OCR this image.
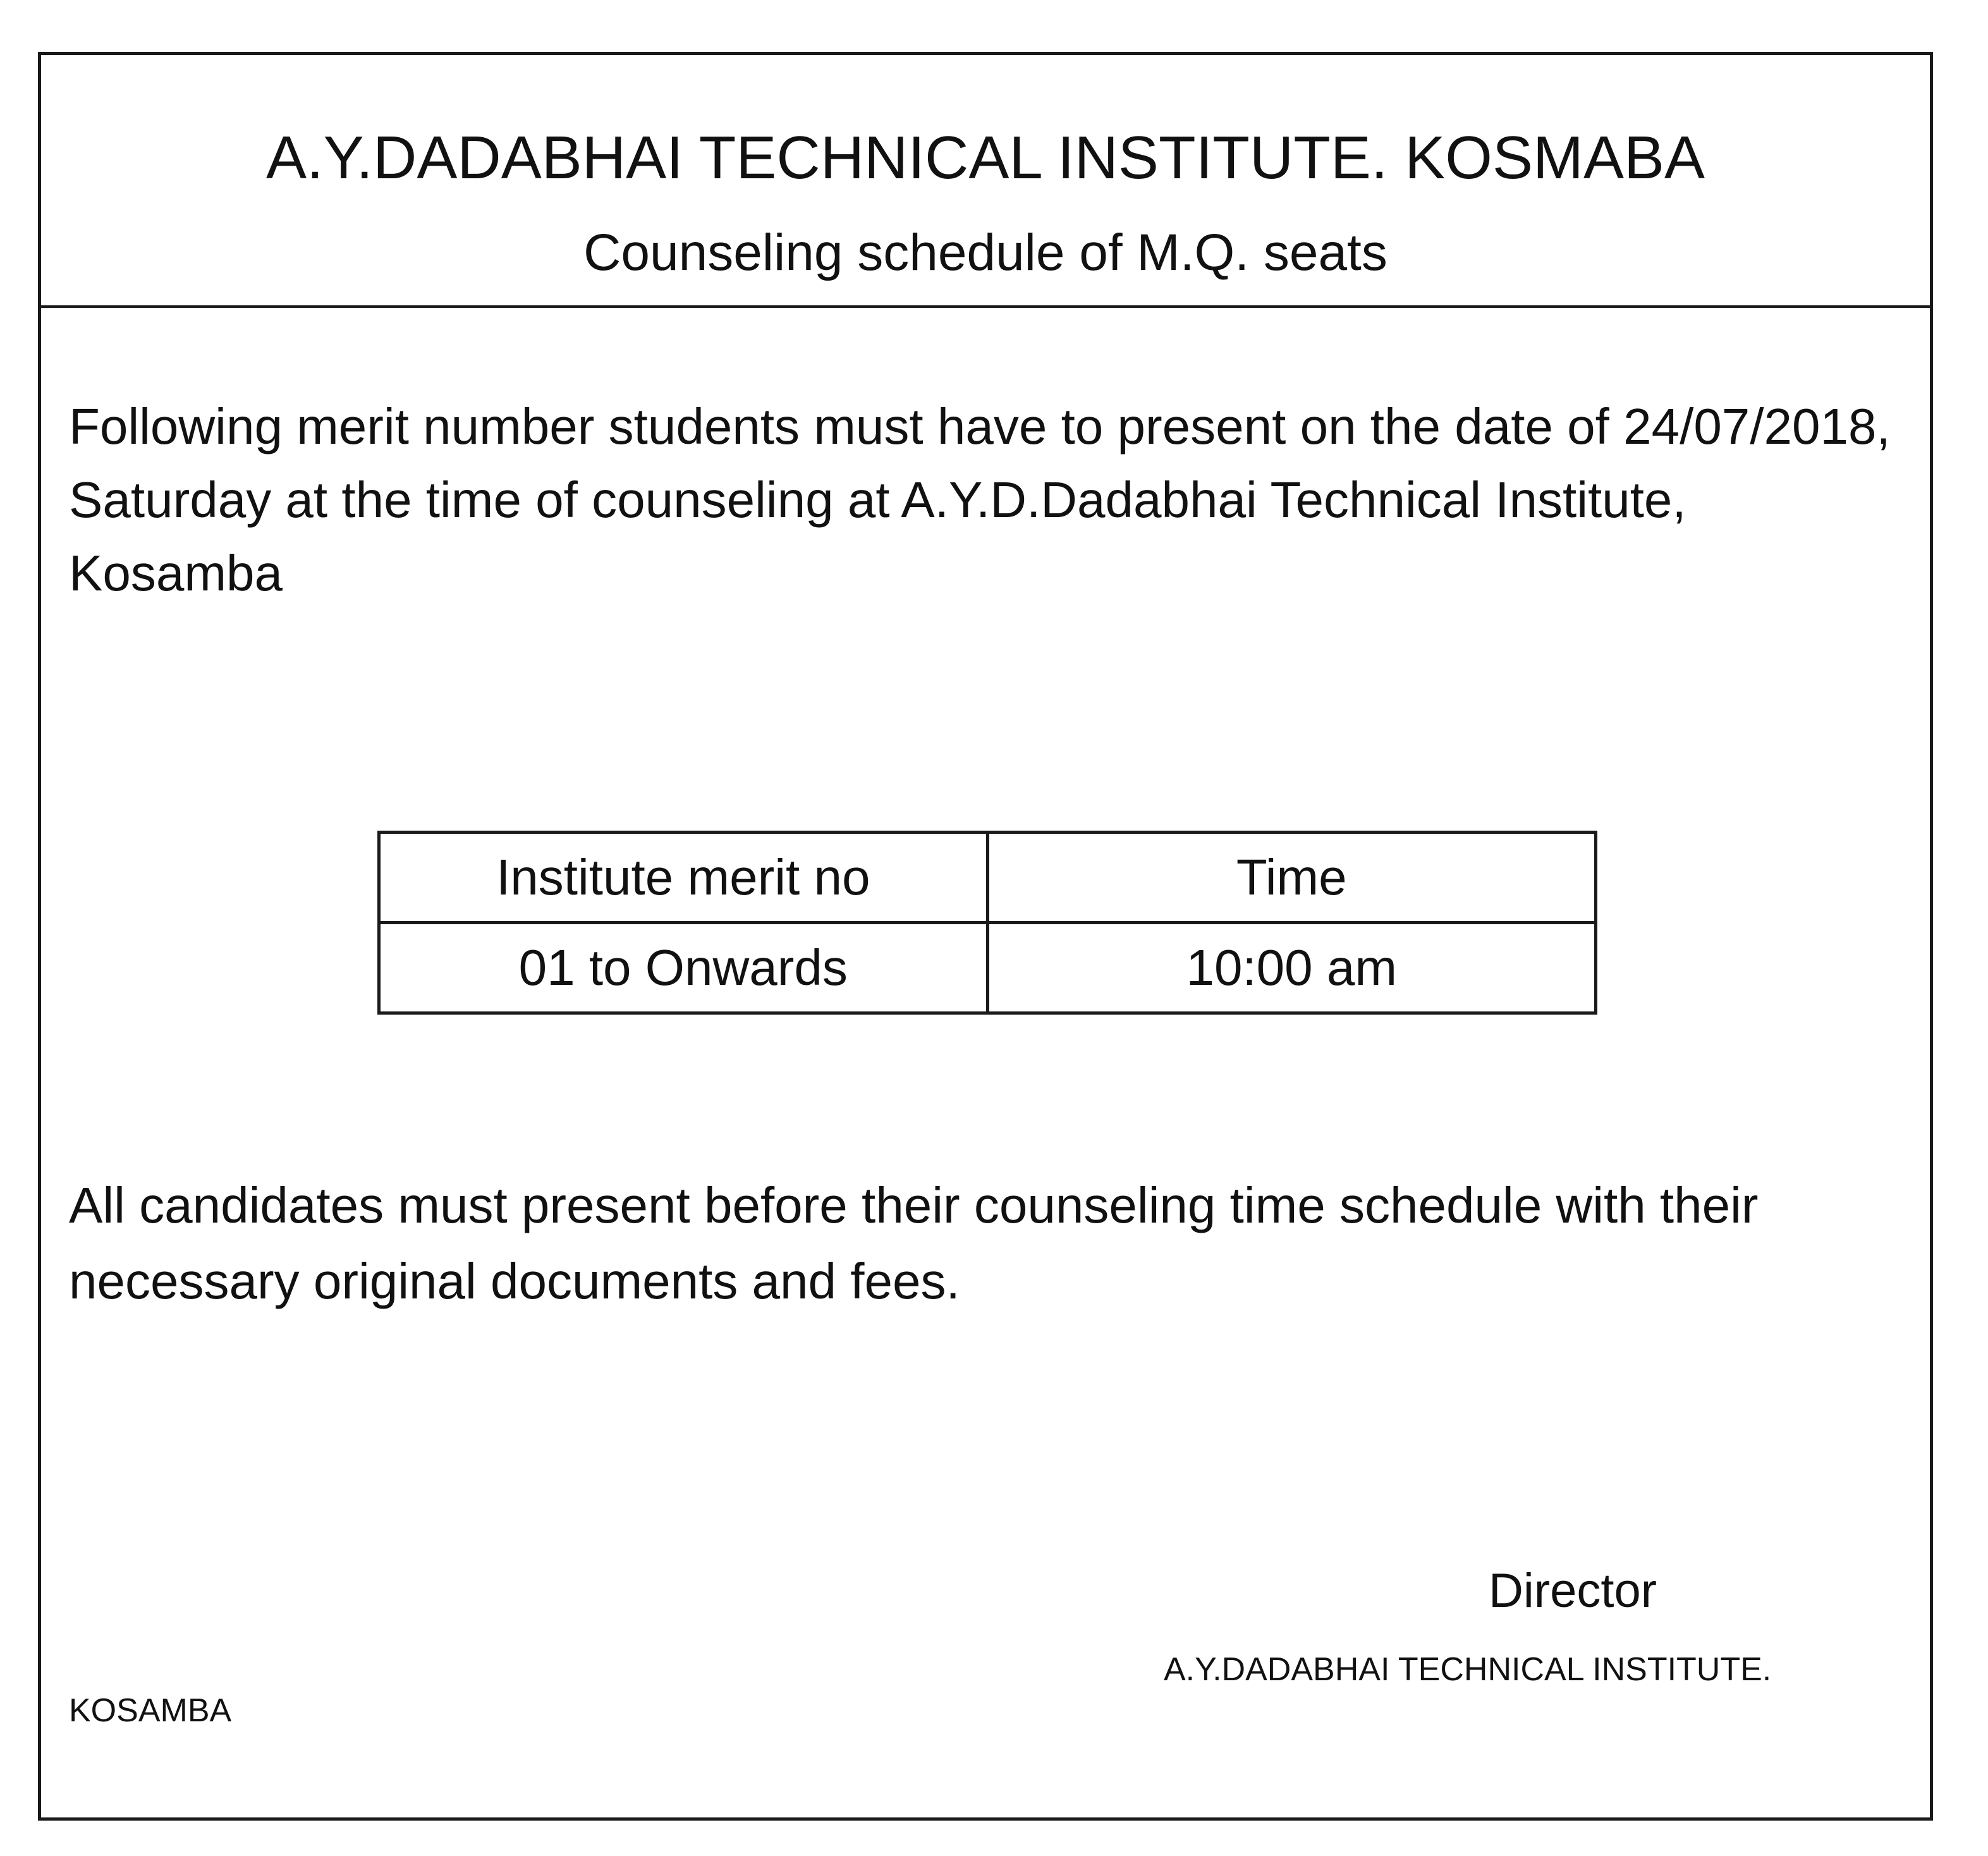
A.Y.DADABHAI TECHNICAL INSTITUTE. KOSMABA
Counseling schedule of M.Q. seats
Following merit number students must have to present on the date of 24/07/2018, Saturday at the time of counseling at A.Y.D.Dadabhai Technical Institute, Kosamba
Institute merit no	Time
01 to Onwards	10:00 am
All candidates must present before their counseling time schedule with their necessary original documents and fees.
Director
A.Y.DADABHAI TECHNICAL INSTITUTE.
KOSAMBA
